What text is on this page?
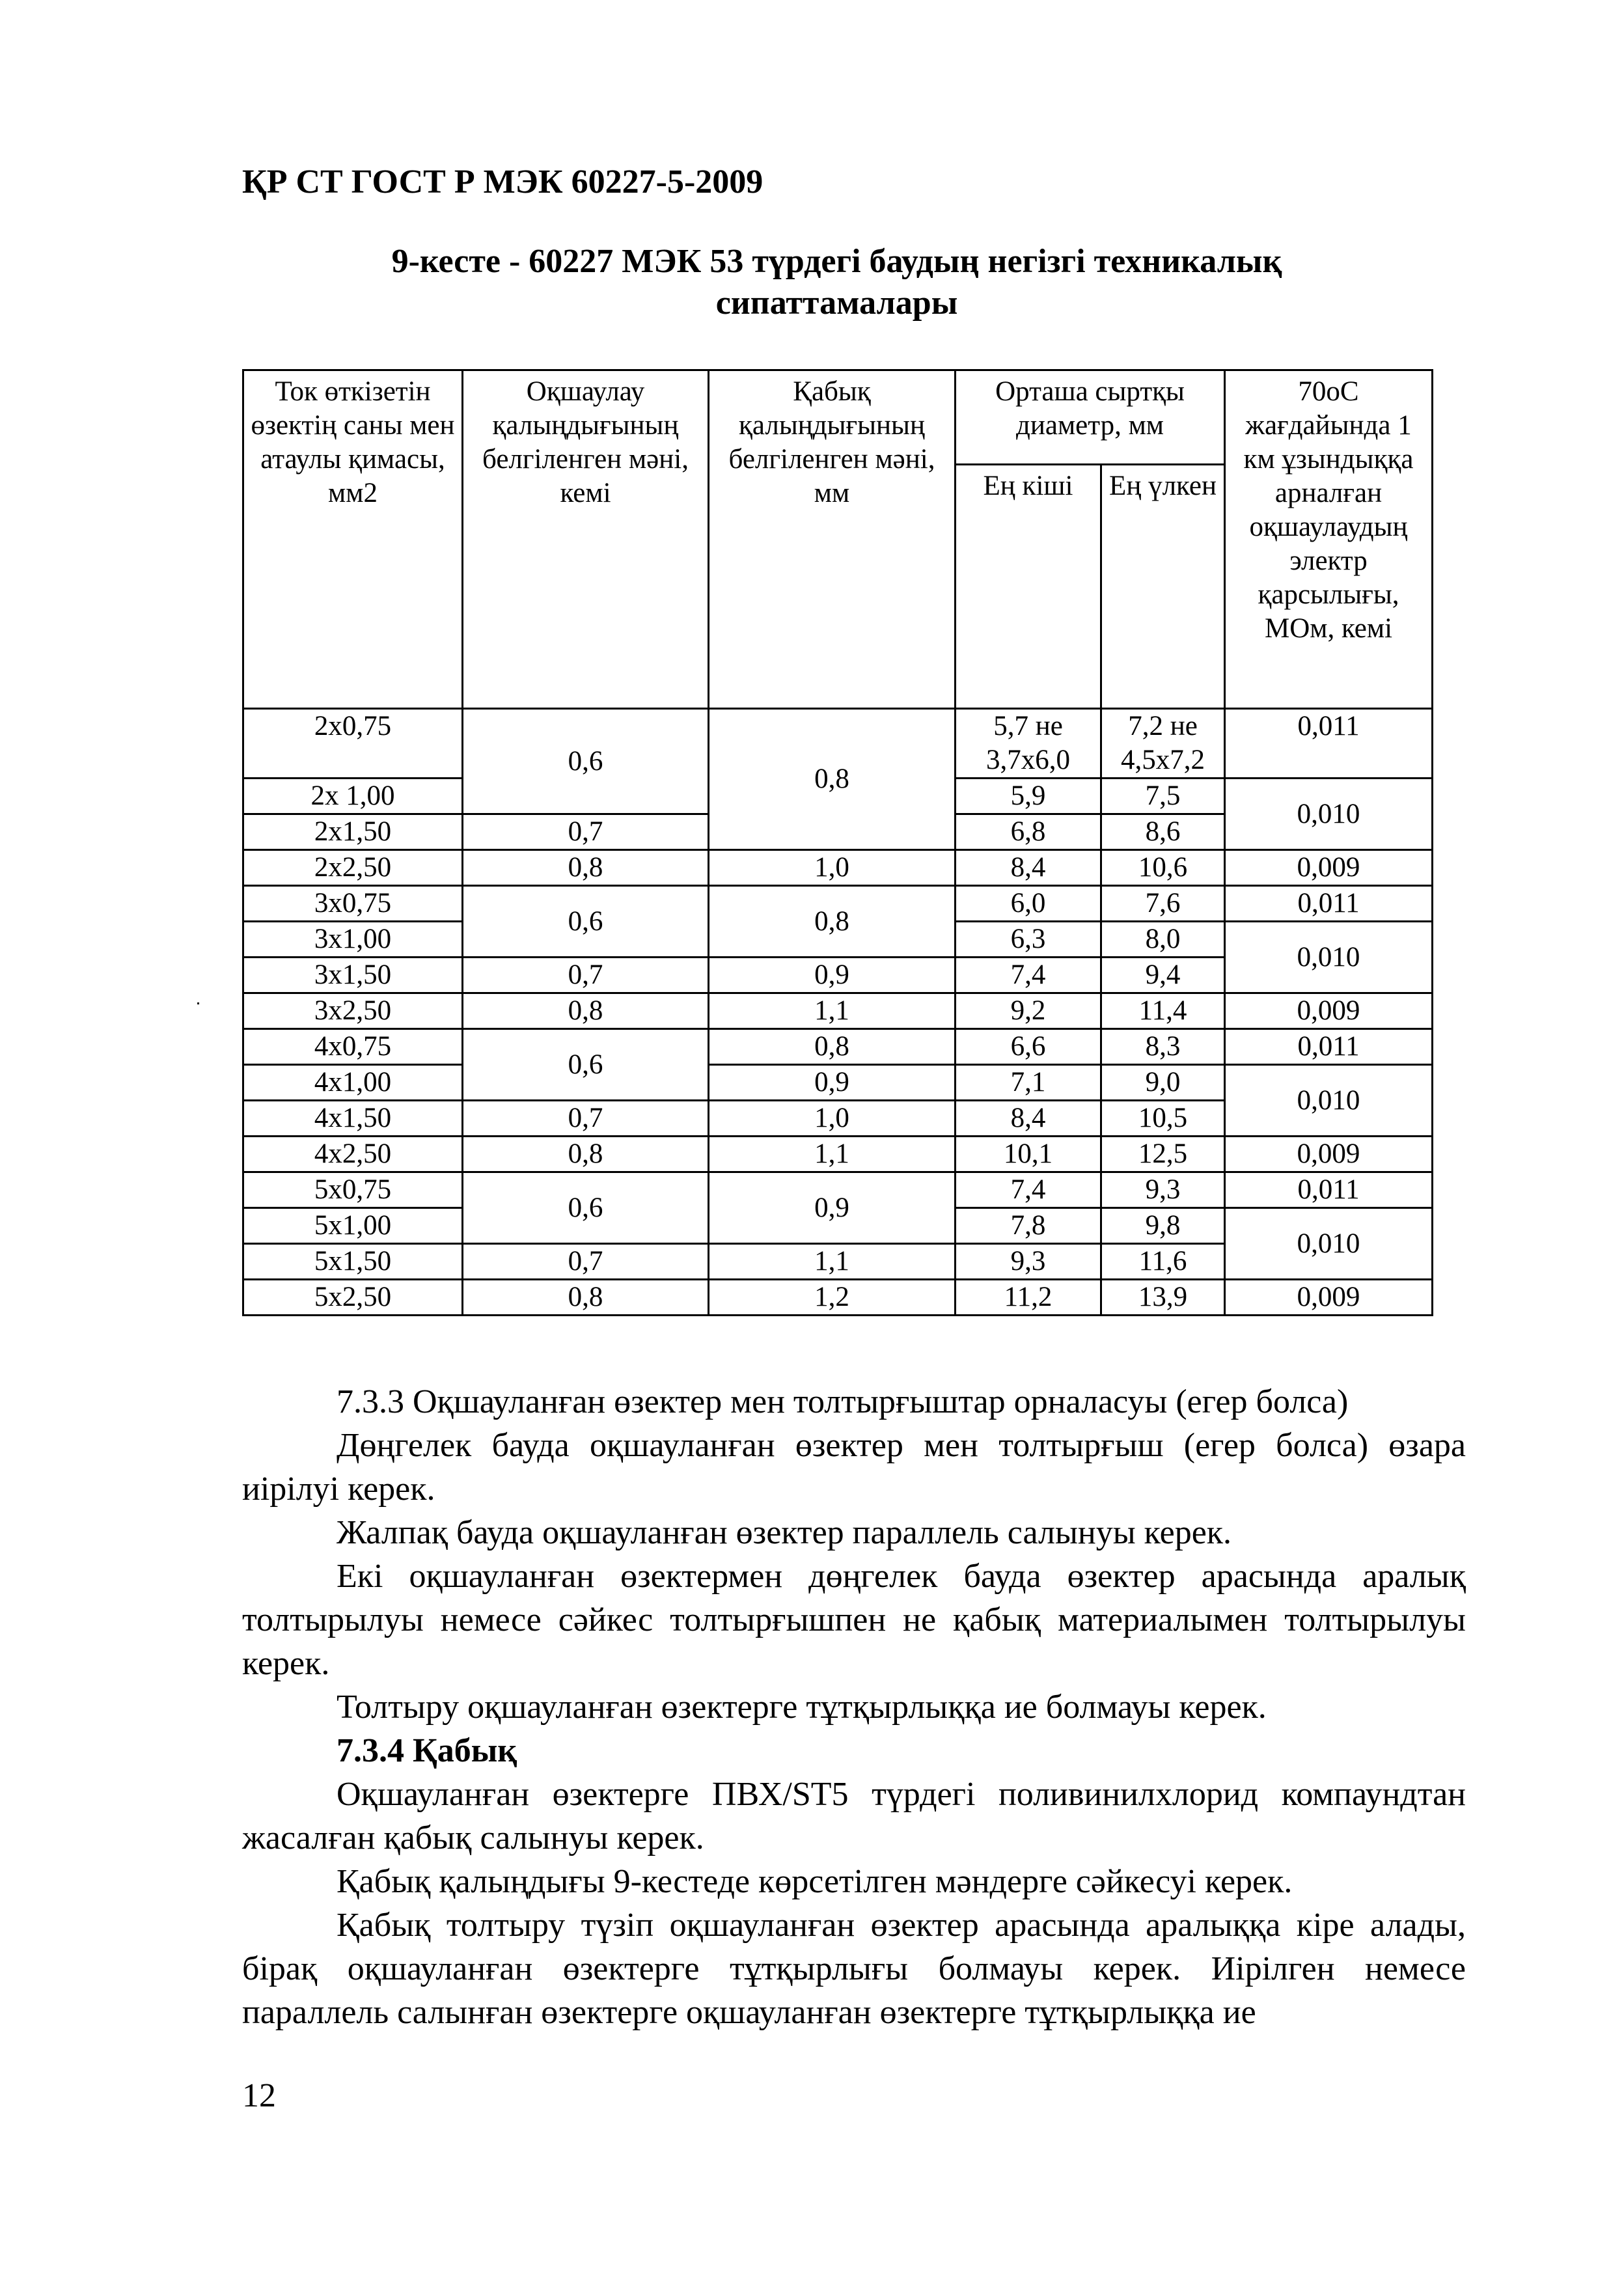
ҚР СТ ГОСТ Р МЭК 60227-5-2009
9-кесте - 60227 МЭК 53 түрдегі баудың негізгі техникалық
сипаттамалары
Ток өткізетін өзектің саны мен атаулы қимасы, мм2	Оқшаулау қалыңдығының белгіленген мәні, кемі	Қабық қалыңдығының белгіленген мәні, мм	Орташа сыртқы диаметр, мм		70оС жағдайында 1 км ұзындыққа арналған оқшаулаудың электр қарсылығы, МОм, кемі
			Ең кіші	Ең үлкен	
2x0,75	0,6	0,8	5,7 не 3,7x6,0	7,2 не 4,5x7,2	0,011
2x 1,00			5,9	7,5	0,010
2x1,50	0,7		6,8	8,6	
2x2,50	0,8	1,0	8,4	10,6	0,009
3x0,75	0,6	0,8	6,0	7,6	0,011
3x1,00			6,3	8,0	0,010
3x1,50	0,7	0,9	7,4	9,4	
3x2,50	0,8	1,1	9,2	11,4	0,009
4x0,75	0,6	0,8	6,6	8,3	0,011
4x1,00		0,9	7,1	9,0	0,010
4x1,50	0,7	1,0	8,4	10,5	
4x2,50	0,8	1,1	10,1	12,5	0,009
5x0,75	0,6	0,9	7,4	9,3	0,011
5x1,00			7,8	9,8	0,010
5x1,50	0,7	1,1	9,3	11,6	
5x2,50	0,8	1,2	11,2	13,9	0,009

7.3.3 Оқшауланған өзектер мен толтырғыштар орналасуы (егер болса)

Дөңгелек бауда оқшауланған өзектер мен толтырғыш (егер болса) өзара иірілуі керек.

Жалпақ бауда оқшауланған өзектер параллель салынуы керек.

Екі оқшауланған өзектермен дөңгелек бауда өзектер арасында аралық толтырылуы немесе сәйкес толтырғышпен не қабық материалымен толтырылуы керек.

Толтыру оқшауланған өзектерге тұтқырлыққа ие болмауы керек.

7.3.4 Қабық

Оқшауланған өзектерге ПВХ/ST5 түрдегі поливинилхлорид компаундтан жасалған қабық салынуы керек.

Қабық қалыңдығы 9-кестеде көрсетілген мәндерге сәйкесуі керек.

Қабық толтыру түзіп оқшауланған өзектер арасында аралыққа кіре алады, бірақ оқшауланған өзектерге тұтқырлығы болмауы керек. Иірілген немесе параллель салынған өзектерге оқшауланған өзектерге тұтқырлыққа ие

12
